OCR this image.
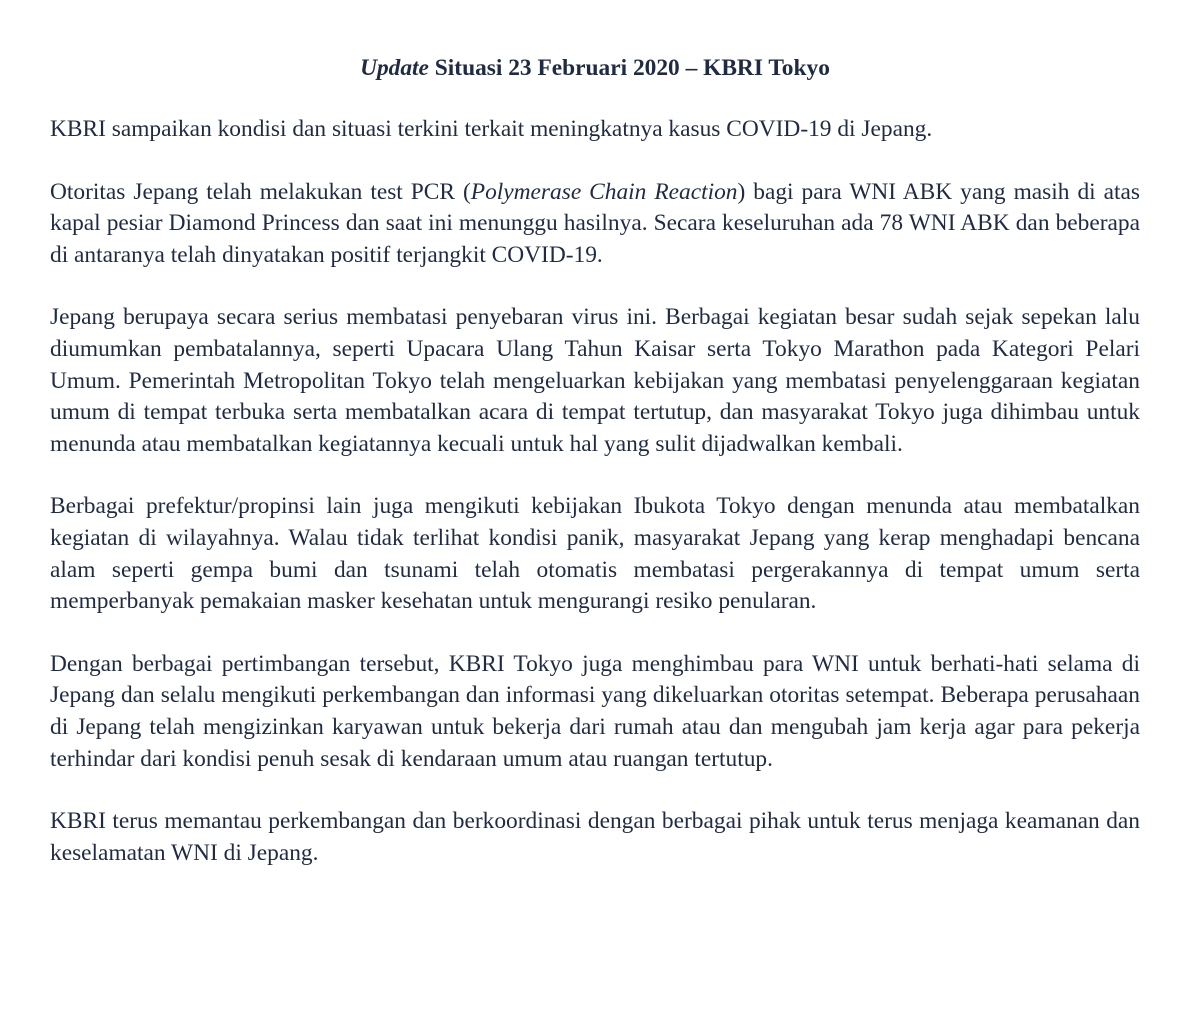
Update Situasi 23 Februari 2020 – KBRI Tokyo

KBRI sampaikan kondisi dan situasi terkini terkait meningkatnya kasus COVID-19 di Jepang.

Otoritas Jepang telah melakukan test PCR (Polymerase Chain Reaction) bagi para WNI ABK yang masih di atas kapal pesiar Diamond Princess dan saat ini menunggu hasilnya. Secara keseluruhan ada 78 WNI ABK dan beberapa di antaranya telah dinyatakan positif terjangkit COVID-19.

Jepang berupaya secara serius membatasi penyebaran virus ini. Berbagai kegiatan besar sudah sejak sepekan lalu diumumkan pembatalannya, seperti Upacara Ulang Tahun Kaisar serta Tokyo Marathon pada Kategori Pelari Umum. Pemerintah Metropolitan Tokyo telah mengeluarkan kebijakan yang membatasi penyelenggaraan kegiatan umum di tempat terbuka serta membatalkan acara di tempat tertutup, dan masyarakat Tokyo juga dihimbau untuk menunda atau membatalkan kegiatannya kecuali untuk hal yang sulit dijadwalkan kembali.

Berbagai prefektur/propinsi lain juga mengikuti kebijakan Ibukota Tokyo dengan menunda atau membatalkan kegiatan di wilayahnya. Walau tidak terlihat kondisi panik, masyarakat Jepang yang kerap menghadapi bencana alam seperti gempa bumi dan tsunami telah otomatis membatasi pergerakannya di tempat umum serta memperbanyak pemakaian masker kesehatan untuk mengurangi resiko penularan.

Dengan berbagai pertimbangan tersebut, KBRI Tokyo juga menghimbau para WNI untuk berhati-hati selama di Jepang dan selalu mengikuti perkembangan dan informasi yang dikeluarkan otoritas setempat. Beberapa perusahaan di Jepang telah mengizinkan karyawan untuk bekerja dari rumah atau dan mengubah jam kerja agar para pekerja terhindar dari kondisi penuh sesak di kendaraan umum atau ruangan tertutup.

KBRI terus memantau perkembangan dan berkoordinasi dengan berbagai pihak untuk terus menjaga keamanan dan keselamatan WNI di Jepang.
